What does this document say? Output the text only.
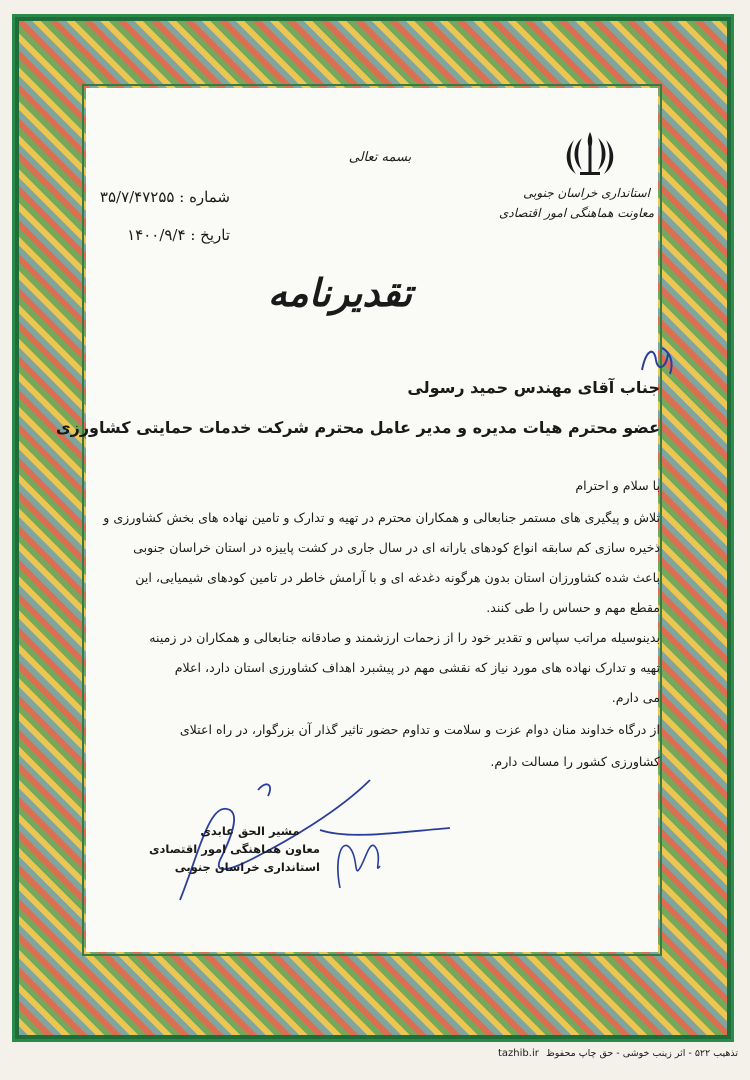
استانداری خراسان جنوبی
معاونت هماهنگی امور اقتصادی
بسمه تعالی
شماره : ۳۵/۷/۴۷۲۵۵
تاریخ : ۱۴۰۰/۹/۴
تقدیرنامه
جناب آقای مهندس حمید رسولی
عضو محترم هیات مدیره و مدیر عامل محترم شرکت خدمات حمایتی کشاورزی
با سلام و احترام
تلاش و پیگیری های مستمر جنابعالی و همکاران محترم در تهیه و تدارک و تامین نهاده های بخش کشاورزی و
ذخیره سازی کم سابقه انواع کودهای یارانه ای در سال جاری در کشت پاییزه در استان خراسان جنوبی
باعث شده کشاورزان استان بدون هرگونه دغدغه ای و با آرامش خاطر در تامین کودهای شیمیایی، این
مقطع مهم و حساس را طی کنند.
بدینوسیله مراتب سپاس و تقدیر خود را از زحمات ارزشمند و صادقانه جنابعالی و همکاران در زمینه
تهیه و تدارک نهاده های مورد نیاز که نقشی مهم در پیشبرد اهداف کشاورزی استان دارد، اعلام
می دارم.
از درگاه خداوند منان دوام عزت و سلامت و تداوم حضور تاثیر گذار آن بزرگوار، در راه اعتلای
کشاورزی کشور را مسالت دارم.
مشیر الحق عابدی
معاون هماهنگی امور اقتصادی
استانداری خراسان جنوبی
tazhib.ir تذهیب ۵۲۲ - اثر زینب خوشی - حق چاپ محفوظ
